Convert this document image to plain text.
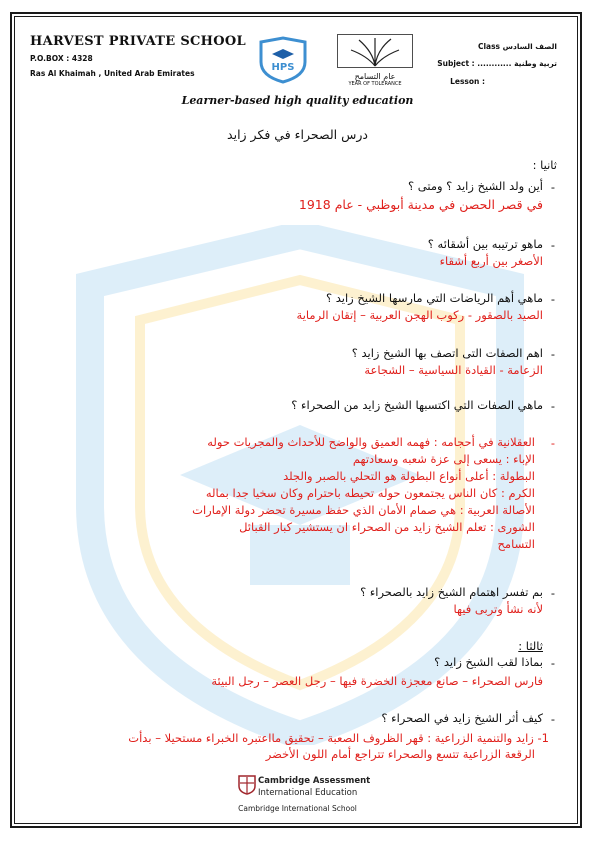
HARVEST PRIVATE SCHOOL
P.O.BOX : 4328
Ras Al Khaimah , United Arab Emirates
HPS
عام التسامح
YEAR OF TOLERANCE
Class الصف السادس
Subject : ............ تربية وطنية
Lesson :
Learner-based high quality education
درس الصحراء في فكر زايد
ثانيا :
-
أين ولد الشيخ زايد ؟ ومتى ؟
في قصر الحصن في مدينة أبوظبي - عام 1918
-
ماهو ترتيبه بين أشقائه ؟
الأصغر بين أربع أشقاء
-
ماهي أهم الرياضات التي مارسها الشيخ زايد ؟
الصيد بالصقور - ركوب الهجن العربية – إتقان الرماية
-
اهم الصفات التى اتصف بها الشيخ زايد ؟
الزعامة - القيادة السياسية – الشجاعة
-
ماهي الصفات التي اكتسبها الشيخ زايد من الصحراء ؟
-
العقلانية في أحجامه : فهمه العميق والواضح للأحداث والمجريات حوله
الإباء : يسعى إلى عزة شعبه وسعادتهم
البطولة : أعلى أنواع البطولة هو التحلي بالصبر والجلد
الكرم : كان الناس يجتمعون حوله تحيطه باحترام وكان سخيا جدا بماله
الأصالة العربية : هي صمام الأمان الذي حفظ مسيرة تحضر دولة الإمارات
الشورى : تعلم الشيخ زايد من الصحراء ان يستشير كبار القبائل
التسامح
-
بم تفسر اهتمام الشيخ زايد بالصحراء ؟
لأنه نشأ وتربى فيها
ثالثا :
-
بماذا لقب الشيخ زايد ؟
فارس الصحراء – صانع معجزة الخضرة فيها – رجل العصر – رجل البيئة
-
كيف أثر الشيخ زايد في الصحراء ؟
1- زايد والتنمية الزراعية : قهر الظروف الصعبة – تحقيق مااعتبره الخبراء مستحيلا – بدأت
الرقعة الزراعية تتسع والصحراء تتراجع أمام اللون الأخضر
Cambridge Assessment
International Education
Cambridge International School
